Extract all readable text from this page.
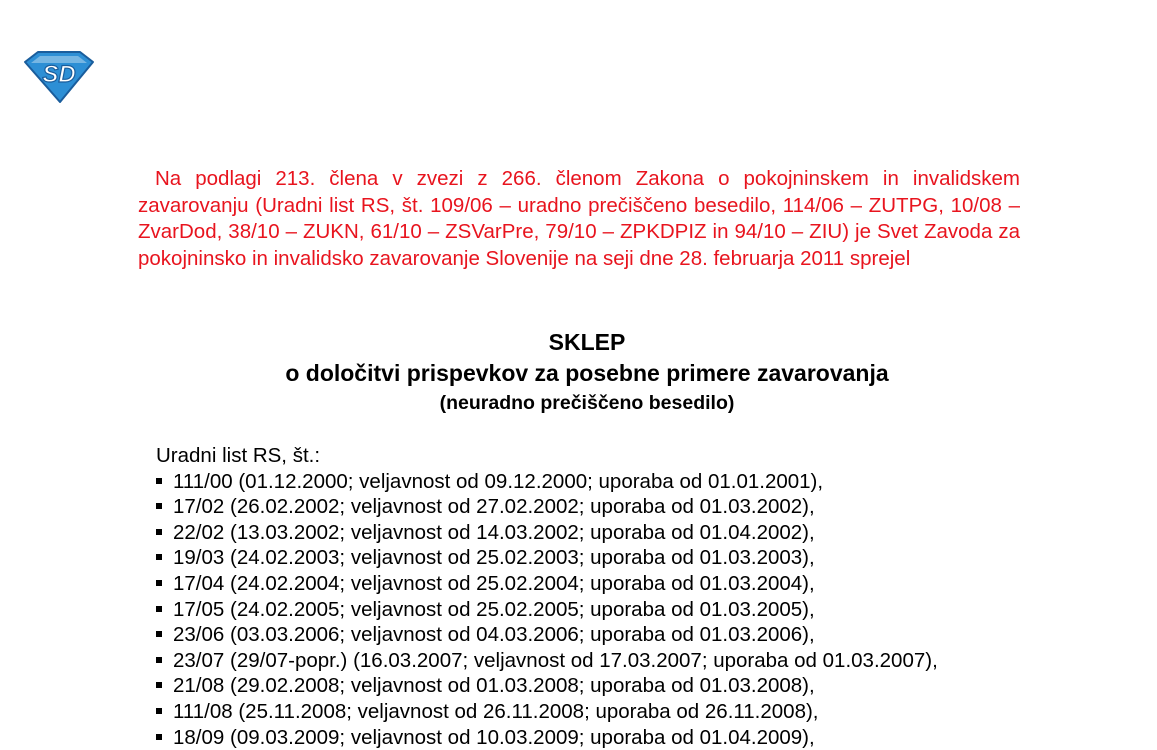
SD

Na podlagi 213. člena v zvezi z 266. členom Zakona o pokojninskem in invalidskem zavarovanju (Uradni list RS, št. 109/06 – uradno prečiščeno besedilo, 114/06 – ZUTPG, 10/08 – ZvarDod, 38/10 – ZUKN, 61/10 – ZSVarPre, 79/10 – ZPKDPIZ in 94/10 – ZIU) je Svet Zavoda za pokojninsko in invalidsko zavarovanje Slovenije na seji dne 28. februarja 2011 sprejel

SKLEP
o določitvi prispevkov za posebne primere zavarovanja
(neuradno prečiščeno besedilo)

Uradni list RS, št.:

111/00 (01.12.2000; veljavnost od 09.12.2000; uporaba od 01.01.2001),
17/02 (26.02.2002; veljavnost od 27.02.2002; uporaba od 01.03.2002),
22/02 (13.03.2002; veljavnost od 14.03.2002; uporaba od 01.04.2002),
19/03 (24.02.2003; veljavnost od 25.02.2003; uporaba od 01.03.2003),
17/04 (24.02.2004; veljavnost od 25.02.2004; uporaba od 01.03.2004),
17/05 (24.02.2005; veljavnost od 25.02.2005; uporaba od 01.03.2005),
23/06 (03.03.2006; veljavnost od 04.03.2006; uporaba od 01.03.2006),
23/07 (29/07-popr.) (16.03.2007; veljavnost od 17.03.2007; uporaba od 01.03.2007),
21/08 (29.02.2008; veljavnost od 01.03.2008; uporaba od 01.03.2008),
111/08 (25.11.2008; veljavnost od 26.11.2008; uporaba od 26.11.2008),
18/09 (09.03.2009; veljavnost od 10.03.2009; uporaba od 01.04.2009),
